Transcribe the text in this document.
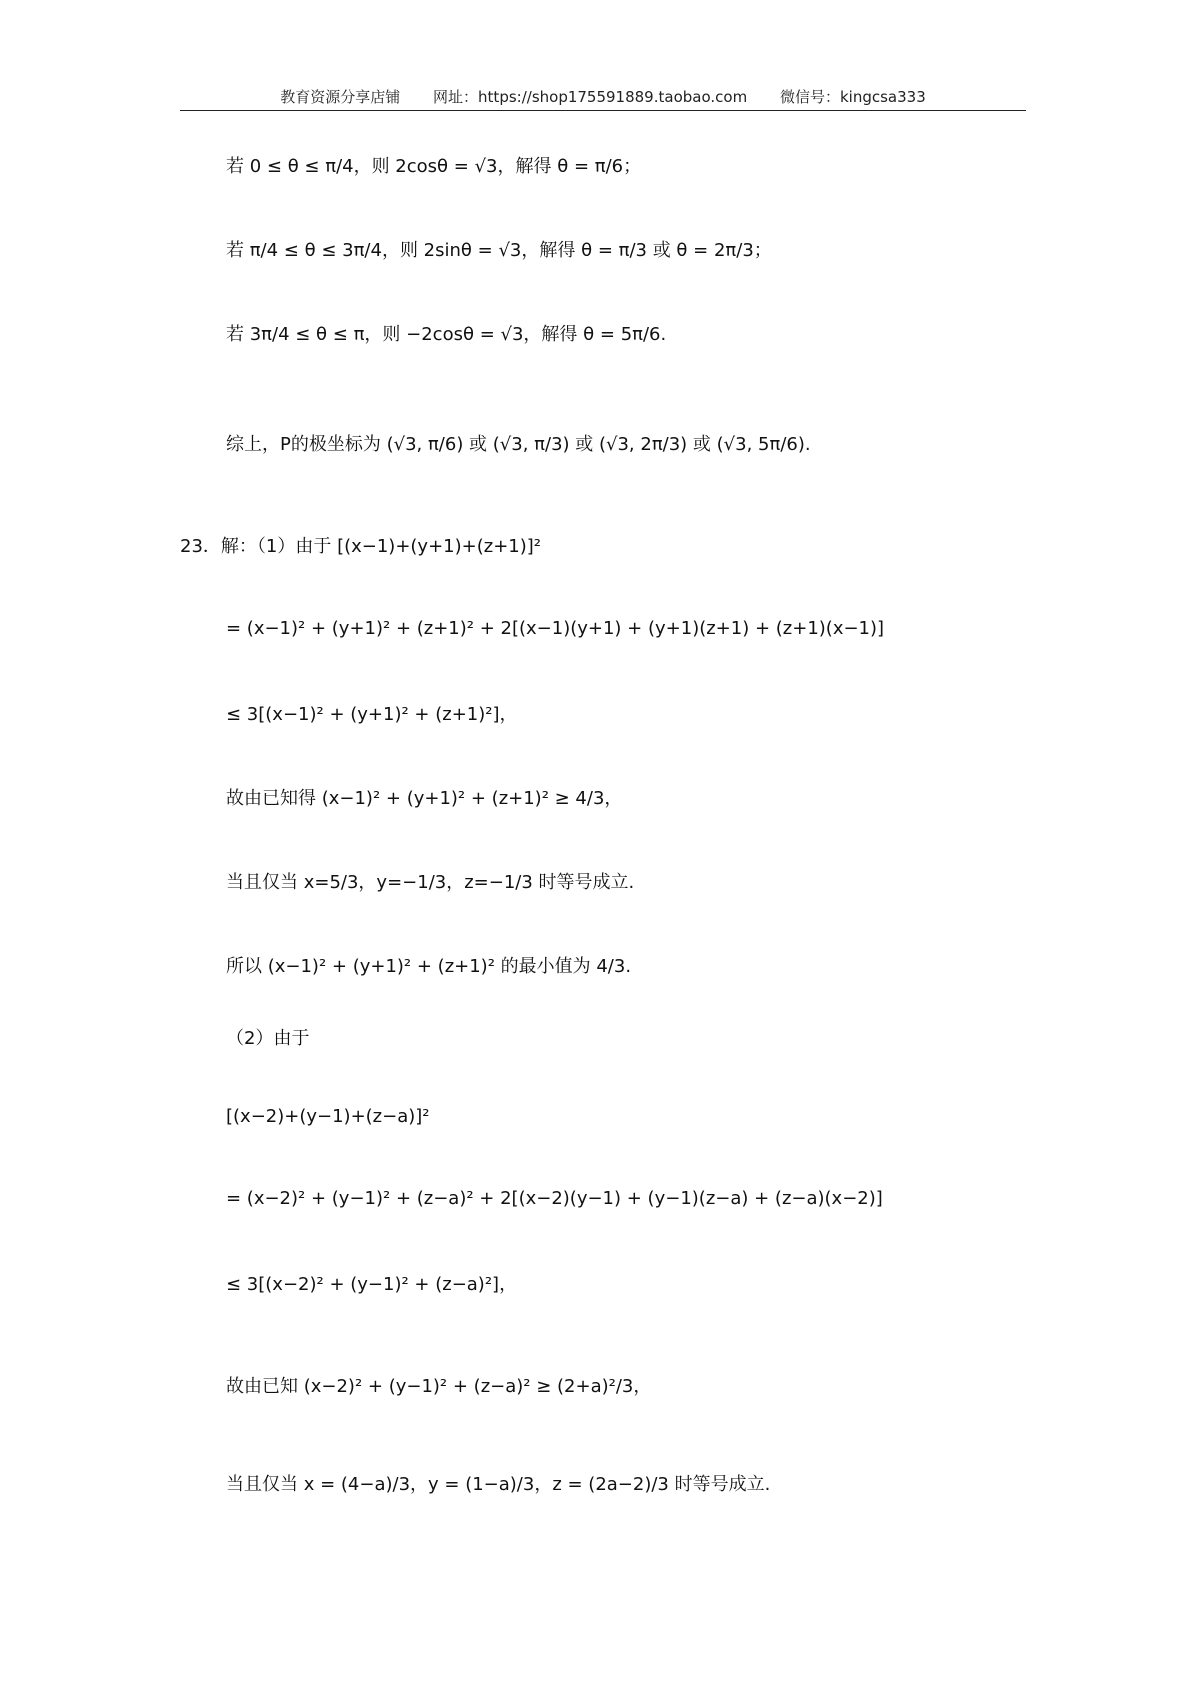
教育资源分享店铺 网址：https://shop175591889.taobao.com 微信号：kingcsa333
若 0 ≤ θ ≤ π/4，则 2cosθ = √3，解得 θ = π/6；
若 π/4 ≤ θ ≤ 3π/4，则 2sinθ = √3，解得 θ = π/3 或 θ = 2π/3；
若 3π/4 ≤ θ ≤ π，则 −2cosθ = √3，解得 θ = 5π/6.
综上，P的极坐标为 (√3, π/6) 或 (√3, π/3) 或 (√3, 2π/3) 或 (√3, 5π/6).
23．解：（1）由于 [(x−1)+(y+1)+(z+1)]²
= (x−1)² + (y+1)² + (z+1)² + 2[(x−1)(y+1) + (y+1)(z+1) + (z+1)(x−1)]
≤ 3[(x−1)² + (y+1)² + (z+1)²]，
故由已知得 (x−1)² + (y+1)² + (z+1)² ≥ 4/3，
当且仅当 x=5/3，y=−1/3，z=−1/3 时等号成立.
所以 (x−1)² + (y+1)² + (z+1)² 的最小值为 4/3.
（2）由于
[(x−2)+(y−1)+(z−a)]²
= (x−2)² + (y−1)² + (z−a)² + 2[(x−2)(y−1) + (y−1)(z−a) + (z−a)(x−2)]
≤ 3[(x−2)² + (y−1)² + (z−a)²]，
故由已知 (x−2)² + (y−1)² + (z−a)² ≥ (2+a)²/3，
当且仅当 x = (4−a)/3，y = (1−a)/3，z = (2a−2)/3 时等号成立.
